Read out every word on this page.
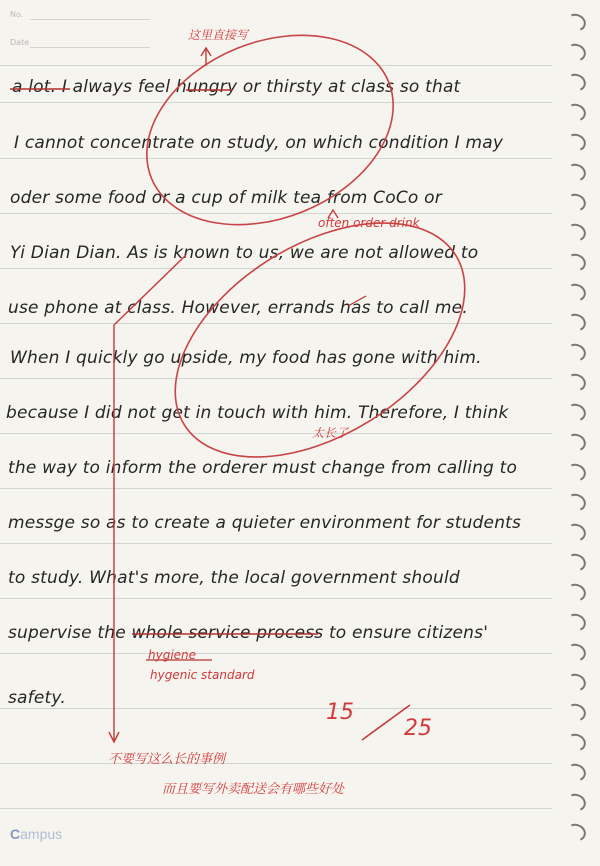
No.
Date

a lot. I always feel hungry or thirsty at class so that

I cannot concentrate on study, on which condition I may

oder some food or a cup of milk tea from CoCo or

Yi Dian Dian. As is known to us, we are not allowed to

use phone at class. However, errands has to call me.

When I quickly go upside, my food has gone with him.

because I did not get in touch with him. Therefore, I think

the way to inform the orderer must change from calling to

messge so as to create a quieter environment for students

to study. What's more, the local government should

supervise the whole service process to ensure citizens'

safety.

这里直接写

often order drink

太长了

hygiene

hygenic standard

15

25

不要写这么长的事例

而且要写外卖配送会有哪些好处

Campus
